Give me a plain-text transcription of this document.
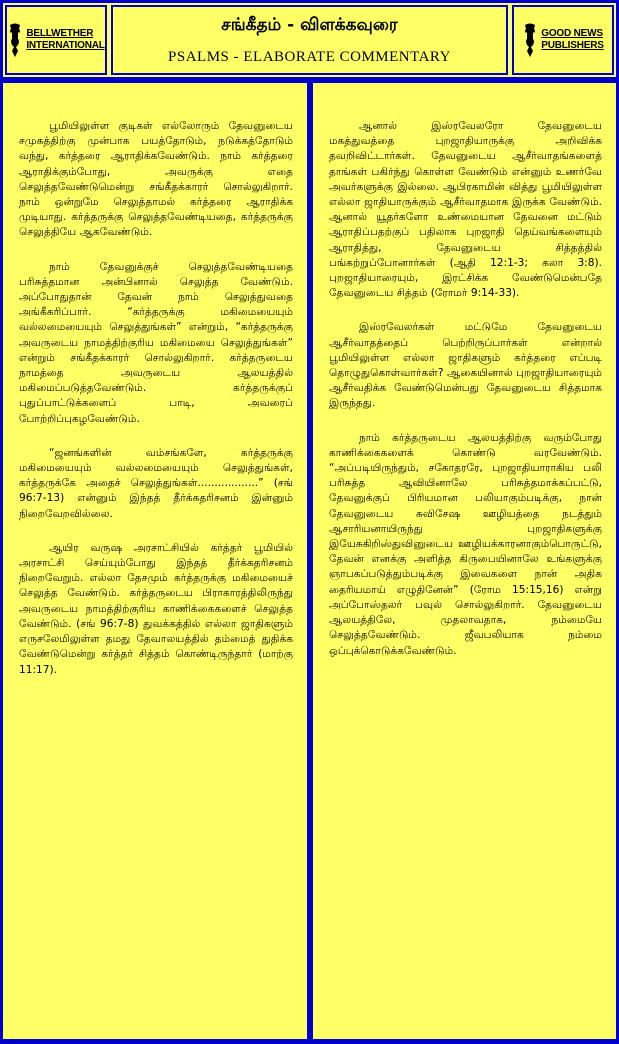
BELLWETHER
INTERNATIONAL
சங்கீதம் - விளக்கவுரை
PSALMS - ELABORATE COMMENTARY
GOOD NEWS
PUBLISHERS

பூமியிலுள்ள குடிகள் எல்லோரும் தேவனுடைய சமுகத்திற்கு முன்பாக பயத்தோடும், நடுக்கத்தோடும் வந்து, கர்த்தரை ஆராதிக்கவேண்டும். நாம் கர்த்தரை ஆராதிக்கும்போது, அவருக்கு எதை செலுத்தவேண்டுமென்று சங்கீதக்காரர் சொல்லுகிறார். நாம் ஒன்றுமே செலுத்தாமல் கர்த்தரை ஆராதிக்க முடியாது. கர்த்தருக்கு செலுத்தவேண்டியதை, கர்த்தருக்கு செலுத்தியே ஆகவேண்டும்.

நாம் தேவனுக்குச் செலுத்தவேண்டியதை பரிசுத்தமான அன்பினால் செலுத்த வேண்டும். அப்போதுதான் தேவன் நாம் செலுத்துவதை அங்கீகரிப்பார். “கர்த்தருக்கு மகிமையையும் வல்லமையையும் செலுத்துங்கள்” என்றும், “கர்த்தருக்கு அவருடைய நாமத்திற்குரிய மகிமையை செலுத்துங்கள்” என்றும் சங்கீதக்காரர் சொல்லுகிறார். கர்த்தருடைய நாமத்தை அவருடைய ஆலயத்தில் மகிமைப்படுத்தவேண்டும். கர்த்தருக்குப் புதுப்பாட்டுக்களைப் பாடி, அவரைப் போற்றிப்புகழவேண்டும்.

“ஜனங்களின் வம்சங்களே, கர்த்தருக்கு மகிமையையும் வல்லமையையும் செலுத்துங்கள், கர்த்தருக்கே அதைச் செலுத்துங்கள்..................” (சங் 96:7-13) என்னும் இந்தத் தீர்க்கதரிசனம் இன்னும் நிறைவேறவில்லை.

ஆயிர வருஷ அரசாட்சியில் கர்த்தர் பூமியில் அரசாட்சி செய்யும்போது இந்தத் தீர்க்கதரிசனம் நிறைவேறும். எல்லா தேசமும் கர்த்தருக்கு மகிமையைச் செலுத்த வேண்டும். கர்த்தருடைய பிராகாரத்திலிருந்து அவருடைய நாமத்திற்குரிய காணிக்கைகளைச் செலுத்த வேண்டும். (சங் 96:7-8) துவக்கத்தில் எல்லா ஜாதிகளும் எருசலேமிலுள்ள தமது தேவாலயத்தில் தம்மைத் துதிக்க வேண்டுமென்று கர்த்தர் சித்தம் கொண்டிருந்தார் (மாற்கு 11:17).

ஆனால் இஸ்ரவேலரோ தேவனுடைய மகத்துவத்தை புறஜாதியாருக்கு அறிவிக்க தவறிவிட்டார்கள். தேவனுடைய ஆசீர்வாதங்களைத் தாங்கள் பகிர்ந்து கொள்ள வேண்டும் என்னும் உணர்வே அவர்களுக்கு இல்லை. ஆபிரகாமின் வித்து பூமியிலுள்ள எல்லா ஜாதியாருக்கும் ஆசீர்வாதமாக இருக்க வேண்டும். ஆனால் யூதர்களோ உண்மையான தேவனை மட்டும் ஆராதிப்பதற்குப் பதிலாக புறஜாதி தெய்வங்களையும் ஆராதித்து, தேவனுடைய சித்தத்தில் பங்கற்றுப்போனார்கள் (ஆதி 12:1-3; கலா 3:8). புறஜாதியாரையும், இரட்சிக்க வேண்டுமென்பதே தேவனுடைய சித்தம் (ரோமர் 9:14-33).

இஸ்ரவேலர்கள் மட்டுமே தேவனுடைய ஆசீர்வாதத்தைப் பெற்றிருப்பார்கள் என்றால் பூமியிலுள்ள எல்லா ஜாதிகளும் கர்த்தரை எப்படி தொழுதுகொள்வார்கள்? ஆகையினால் புறஜாதியாரையும் ஆசீர்வதிக்க வேண்டுமென்பது தேவனுடைய சித்தமாக இருந்தது.

நாம் கர்த்தருடைய ஆலயத்திற்கு வரும்போது காணிக்கைகளைக் கொண்டு வரவேண்டும். “அப்படியிருந்தும், சகோதரரே, புறஜாதியாராகிய பலி பரிசுத்த ஆவியினாலே பரிசுத்தமாக்கப்பட்டு, தேவனுக்குப் பிரியமான பலியாகும்படிக்கு, நான் தேவனுடைய சுவிசேஷ ஊழியத்தை நடத்தும் ஆசாரியனாயிருந்து புறஜாதிகளுக்கு இயேசுகிறிஸ்துவினுடைய ஊழியக்காரனாகும்பொருட்டு, தேவன் எனக்கு அளித்த கிருபையினாலே உங்களுக்கு ஞாபகப்படுத்தும்படிக்கு இவைகளை நான் அதிக தைரியமாய் எழுதினேன்” (ரோம 15:15,16) என்று அப்போஸ்தலர் பவுல் சொல்லுகிறார். தேவனுடைய ஆலயத்திலே, முதலாவதாக, நம்மையே செலுத்தவேண்டும். ஜீவபலியாக நம்மை ஒப்புக்கொடுக்கவேண்டும்.
